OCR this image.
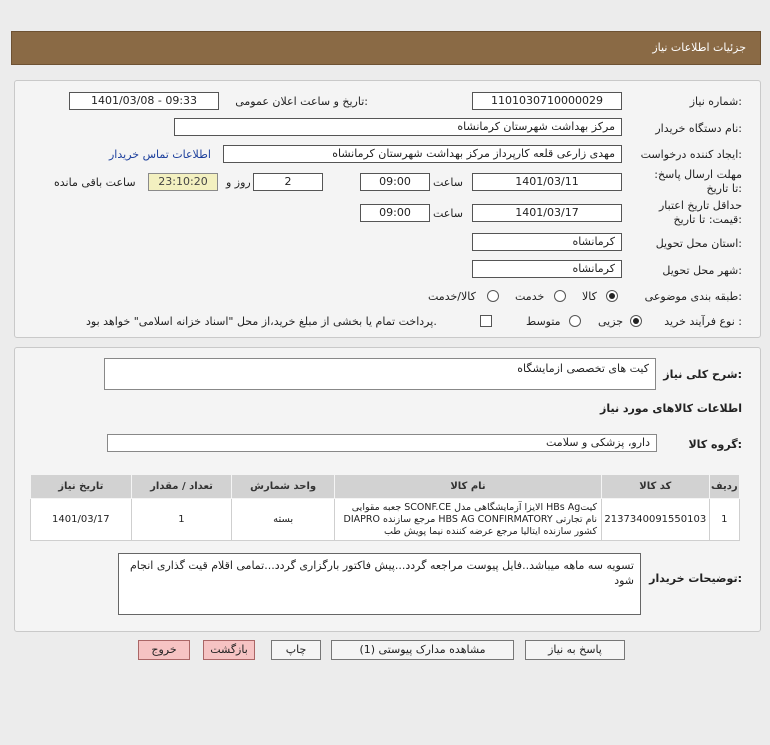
جزئیات اطلاعات نیاز
شماره نیاز:
1101030710000029
تاریخ و ساعت اعلان عمومی:
1401/03/08 - 09:33
نام دستگاه خریدار:
مرکز بهداشت شهرستان کرمانشاه
ایجاد کننده درخواست:
مهدی زارعی قلعه کارپرداز مرکز بهداشت شهرستان کرمانشاه
اطلاعات تماس خریدار
مهلت ارسال پاسخ: تا تاریخ:
1401/03/11
ساعت
09:00
2
روز و
23:10:20
ساعت باقی مانده
حداقل تاریخ اعتبار قیمت: تا تاریخ:
1401/03/17
ساعت
09:00
استان محل تحویل:
کرمانشاه
شهر محل تحویل:
کرمانشاه
طبقه بندی موضوعی:
کالا
خدمت
کالا/خدمت
نوع فرآیند خرید :
جزیی
متوسط
پرداخت تمام یا بخشی از مبلغ خرید،از محل "اسناد خزانه اسلامی" خواهد بود.
شرح کلی نیاز:
کیت های تخصصی ازمایشگاه
اطلاعات کالاهای مورد نیاز
گروه کالا:
دارو، پزشکی و سلامت
ردیف	کد کالا	نام کالا	واحد شمارش	تعداد / مقدار	تاریخ نیاز
1	2137340091550103	کیتHBs Ag الایزا آزمایشگاهی مدل SCONF.CE جعبه مقوایی نام تجارتی HBS AG CONFIRMATORY مرجع سازنده DIAPRO کشور سازنده ایتالیا مرجع عرضه کننده نیما پویش طب	بسته	1	1401/03/17
توضیحات خریدار:
تسویه سه ماهه میباشد..فایل پیوست مراجعه گردد...پیش فاکتور بارگزاری گردد...تمامی اقلام قیت گذاری انجام شود
پاسخ به نیاز
مشاهده مدارک پیوستی (1)
چاپ
بازگشت
خروج
